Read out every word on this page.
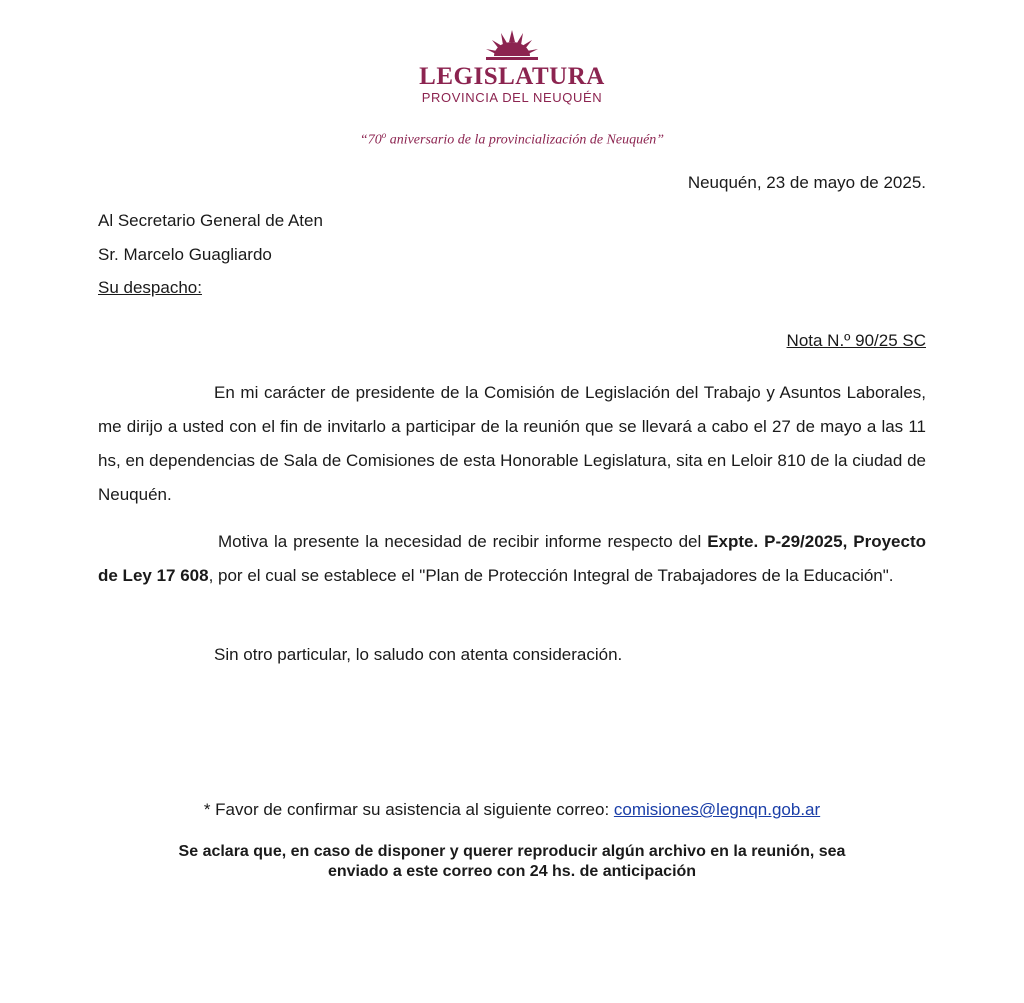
LEGISLATURA
PROVINCIA DEL NEUQUÉN
“70$^o$ aniversario de la provincialización de Neuquén”
Neuquén, 23 de mayo de 2025.
Al Secretario General de Aten
Sr. Marcelo Guagliardo
Su despacho:
Nota N.º 90/25 SC
En mi carácter de presidente de la Comisión de Legislación del Trabajo y Asuntos Laborales, me dirijo a usted con el fin de invitarlo a participar de la reunión que se llevará a cabo el 27 de mayo a las 11 hs, en dependencias de Sala de Comisiones de esta Honorable Legislatura, sita en Leloir 810 de la ciudad de Neuquén.
Motiva la presente la necesidad de recibir informe respecto del Expte. P-29/2025, Proyecto de Ley 17 608, por el cual se establece el "Plan de Protección Integral de Trabajadores de la Educación".
Sin otro particular, lo saludo con atenta consideración.
* Favor de confirmar su asistencia al siguiente correo: comisiones@legnqn.gob.ar
Se aclara que, en caso de disponer y querer reproducir algún archivo en la reunión, sea
enviado a este correo con 24 hs. de anticipación
